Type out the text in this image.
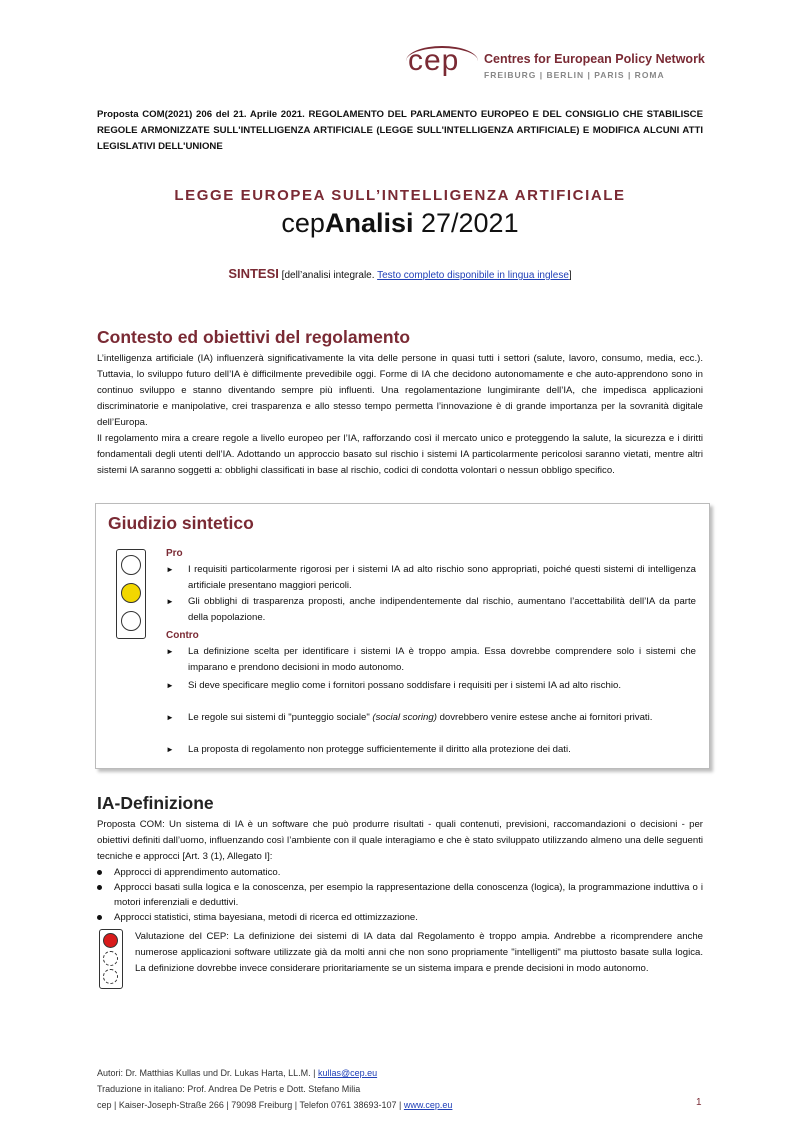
cep Centres for European Policy Network
FREIBURG | BERLIN | PARIS | ROMA
Proposta COM(2021) 206 del 21. Aprile 2021. REGOLAMENTO DEL PARLAMENTO EUROPEO E DEL CONSIGLIO CHE STABILISCE REGOLE ARMONIZZATE SULL'INTELLIGENZA ARTIFICIALE (LEGGE SULL'INTELLIGENZA ARTIFICIALE) E MODIFICA ALCUNI ATTI LEGISLATIVI DELL'UNIONE
LEGGE EUROPEA SULL’INTELLIGENZA ARTIFICIALE
cepAnalisi 27/2021
SINTESI [dell’analisi integrale. Testo completo disponibile in lingua inglese]
Contesto ed obiettivi del regolamento
L’intelligenza artificiale (IA) influenzerà significativamente la vita delle persone in quasi tutti i settori (salute, lavoro, consumo, media, ecc.). Tuttavia, lo sviluppo futuro dell’IA è difficilmente prevedibile oggi. Forme di IA che decidono autonomamente e che auto-apprendono sono in continuo sviluppo e stanno diventando sempre più influenti. Una regolamentazione lungimirante dell’IA, che impedisca applicazioni discriminatorie e manipolative, crei trasparenza e allo stesso tempo permetta l’innovazione è di grande importanza per la sovranità digitale dell’Europa.
Il regolamento mira a creare regole a livello europeo per l’IA, rafforzando così il mercato unico e proteggendo la salute, la sicurezza e i diritti fondamentali degli utenti dell’IA. Adottando un approccio basato sul rischio i sistemi IA particolarmente pericolosi saranno vietati, mentre altri sistemi IA saranno soggetti a: obblighi classificati in base al rischio, codici di condotta volontari o nessun obbligo specifico.
Giudizio sintetico
Pro
► I requisiti particolarmente rigorosi per i sistemi IA ad alto rischio sono appropriati, poiché questi sistemi di intelligenza artificiale presentano maggiori pericoli.
► Gli obblighi di trasparenza proposti, anche indipendentemente dal rischio, aumentano l’accettabilità dell’IA da parte della popolazione.
Contro
► La definizione scelta per identificare i sistemi IA è troppo ampia. Essa dovrebbe comprendere solo i sistemi che imparano e prendono decisioni in modo autonomo.
► Si deve specificare meglio come i fornitori possano soddisfare i requisiti per i sistemi IA ad alto rischio.
► Le regole sui sistemi di "punteggio sociale" (social scoring) dovrebbero venire estese anche ai fornitori privati.
► La proposta di regolamento non protegge sufficientemente il diritto alla protezione dei dati.
IA-Definizione
Proposta COM: Un sistema di IA è un software che può produrre risultati - quali contenuti, previsioni, raccomandazioni o decisioni - per obiettivi definiti dall’uomo, influenzando così l’ambiente con il quale interagiamo e che è stato sviluppato utilizzando almeno una delle seguenti tecniche e approcci [Art. 3 (1), Allegato I]:
Approcci di apprendimento automatico.
Approcci basati sulla logica e la conoscenza, per esempio la rappresentazione della conoscenza (logica), la programmazione induttiva o i motori inferenziali e deduttivi.
Approcci statistici, stima bayesiana, metodi di ricerca ed ottimizzazione.
Valutazione del CEP: La definizione dei sistemi di IA data dal Regolamento è troppo ampia. Andrebbe a ricomprendere anche numerose applicazioni software utilizzate già da molti anni che non sono propriamente "intelligenti" ma piuttosto basate sulla logica. La definizione dovrebbe invece considerare prioritariamente se un sistema impara e prende decisioni in modo autonomo.
Autori: Dr. Matthias Kullas und Dr. Lukas Harta, LL.M. | kullas@cep.eu
Traduzione in italiano: Prof. Andrea De Petris e Dott. Stefano Milia
cep | Kaiser-Joseph-Straße 266 | 79098 Freiburg | Telefon 0761 38693-107 | www.cep.eu	1
